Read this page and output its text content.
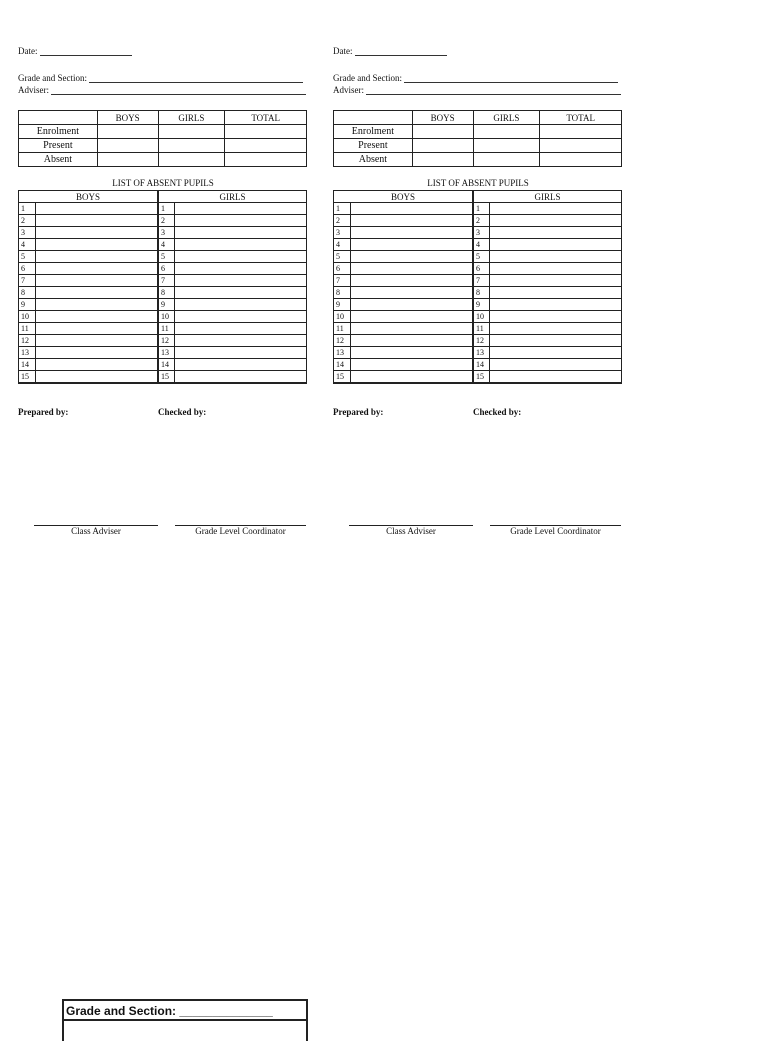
Date:
Grade and Section:
Adviser:
	BOYS	GIRLS	TOTAL
Enrolment			
Present			
Absent			
LIST OF ABSENT PUPILS
BOYS		GIRLS	
1		1	
2		2	
3		3	
4		4	
5		5	
6		6	
7		7	
8		8	
9		9	
10		10	
11		11	
12		12	
13		13	
14		14	
15		15	
Prepared by:	Checked by:
Class Adviser	Grade Level Coordinator
Date:
Grade and Section:
Adviser:
	BOYS	GIRLS	TOTAL
Enrolment			
Present			
Absent			
LIST OF ABSENT PUPILS
BOYS		GIRLS	
1		1	
2		2	
3		3	
4		4	
5		5	
6		6	
7		7	
8		8	
9		9	
10		10	
11		11	
12		12	
13		13	
14		14	
15		15	
Prepared by:	Checked by:
Class Adviser	Grade Level Coordinator
Grade and Section: ______________
